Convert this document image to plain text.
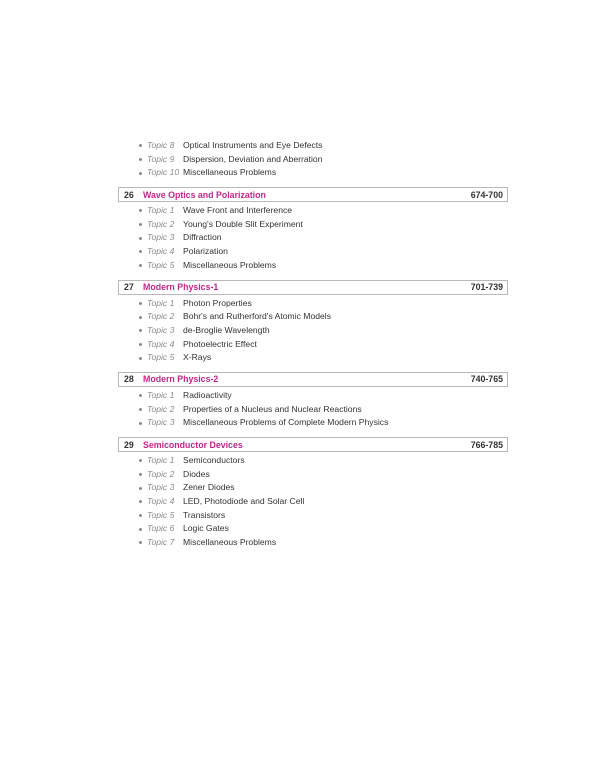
Topic 8 Optical Instruments and Eye Defects
Topic 9 Dispersion, Deviation and Aberration
Topic 10 Miscellaneous Problems
26	Wave Optics and Polarization	674-700
Topic 1 Wave Front and Interference
Topic 2 Young's Double Slit Experiment
Topic 3 Diffraction
Topic 4 Polarization
Topic 5 Miscellaneous Problems
27	Modern Physics-1	701-739
Topic 1 Photon Properties
Topic 2 Bohr's and Rutherford's Atomic Models
Topic 3 de-Broglie Wavelength
Topic 4 Photoelectric Effect
Topic 5 X-Rays
28	Modern Physics-2	740-765
Topic 1 Radioactivity
Topic 2 Properties of a Nucleus and Nuclear Reactions
Topic 3 Miscellaneous Problems of Complete Modern Physics
29	Semiconductor Devices	766-785
Topic 1 Semiconductors
Topic 2 Diodes
Topic 3 Zener Diodes
Topic 4 LED, Photodiode and Solar Cell
Topic 5 Transistors
Topic 6 Logic Gates
Topic 7 Miscellaneous Problems
